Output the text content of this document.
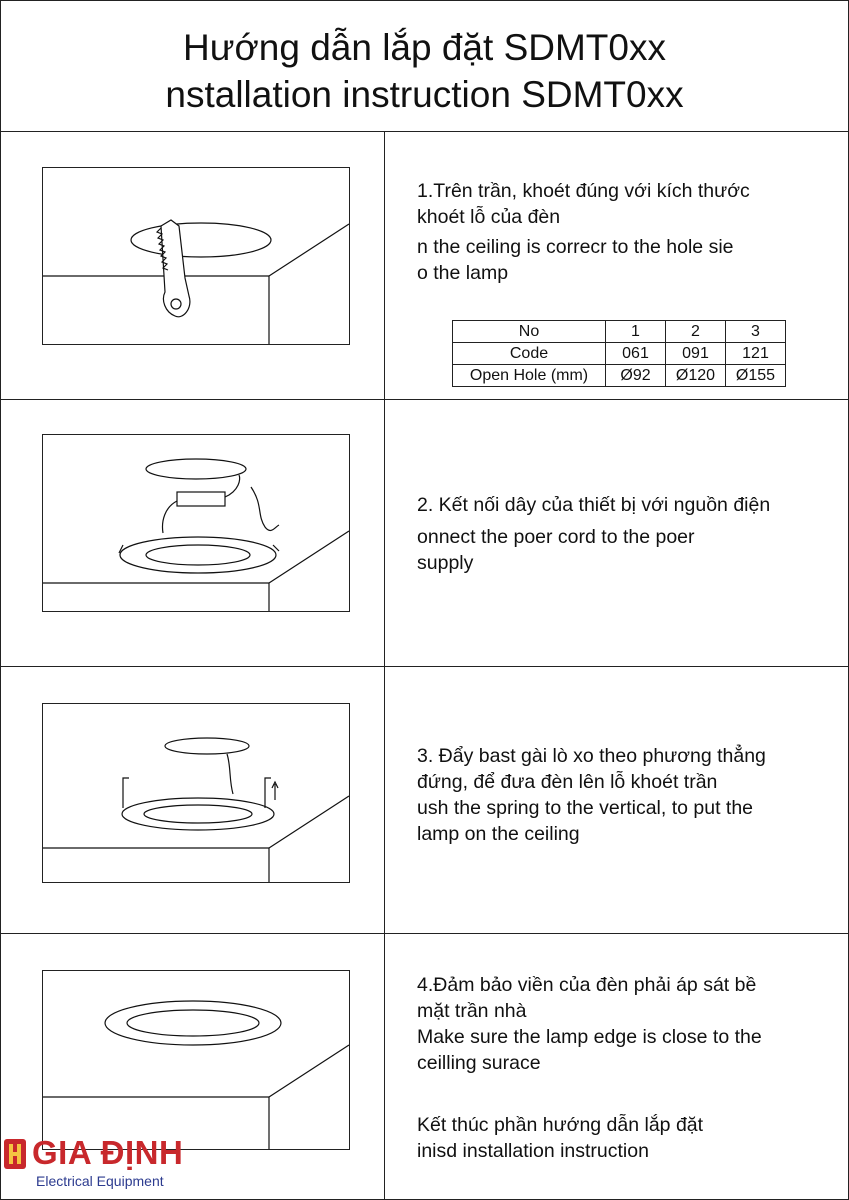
Hướng dẫn lắp đặt SDMT0xx
nstallation instruction SDMT0xx

1.Trên trần, khoét đúng với kích thước

khoét lỗ của đèn

n the ceiling is correcr to the hole sie

o the lamp

No	1	2	3
Code	061	091	121
Open Hole (mm)	Ø92	Ø120	Ø155

2. Kết nối dây của thiết bị với nguồn điện

onnect the poer cord to the poer

supply

3. Đẩy bast gài lò xo theo phương thẳng

đứng, để đưa đèn lên lỗ khoét trần

ush the spring to the vertical, to put the

lamp on the ceiling

4.Đảm bảo viền của đèn phải áp sát bề

mặt trần nhà

Make sure the lamp edge is close to the

ceilling surace

Kết thúc phần hướng dẫn lắp đặt

inisd installation instruction

GIA ĐỊNH
Electrical Equipment
